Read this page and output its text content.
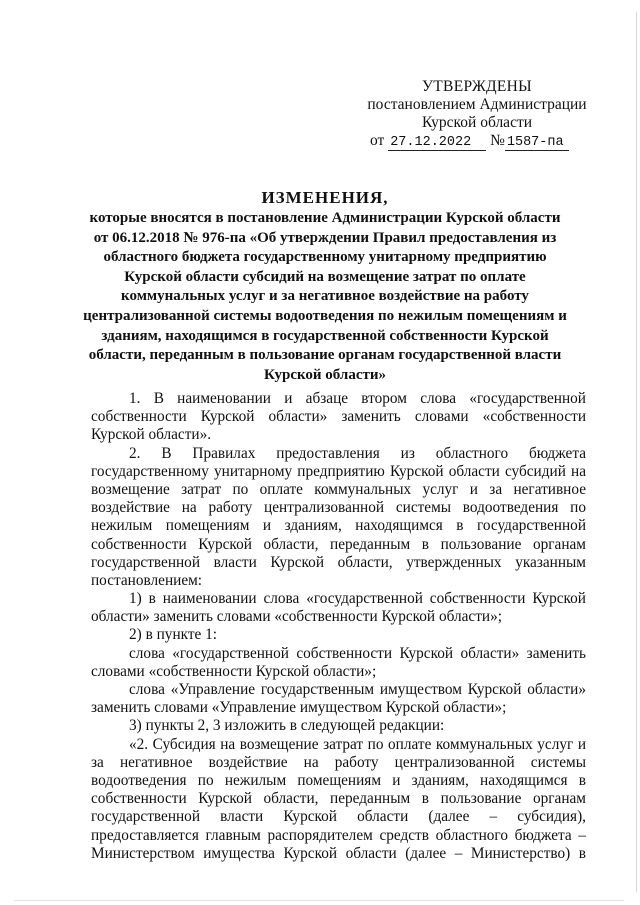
УТВЕРЖДЕНЫ
постановлением Администрации
Курской области
от 27.12.2022 № 1587-па
ИЗМЕНЕНИЯ,
которые вносятся в постановление Администрации Курской области
от 06.12.2018 № 976-па «Об утверждении Правил предоставления из
областного бюджета государственному унитарному предприятию
Курской области субсидий на возмещение затрат по оплате
коммунальных услуг и за негативное воздействие на работу
централизованной системы водоотведения по нежилым помещениям и
зданиям, находящимся в государственной собственности Курской
области, переданным в пользование органам государственной власти
Курской области»
1. В наименовании и абзаце втором слова «государственной
собственности Курской области» заменить словами «собственности
Курской области».
2. В Правилах предоставления из областного бюджета
государственному унитарному предприятию Курской области субсидий на
возмещение затрат по оплате коммунальных услуг и за негативное
воздействие на работу централизованной системы водоотведения по
нежилым помещениям и зданиям, находящимся в государственной
собственности Курской области, переданным в пользование органам
государственной власти Курской области, утвержденных указанным
постановлением:
1) в наименовании слова «государственной собственности Курской
области» заменить словами «собственности Курской области»;
2) в пункте 1:
слова «государственной собственности Курской области» заменить
словами «собственности Курской области»;
слова «Управление государственным имуществом Курской области»
заменить словами «Управление имуществом Курской области»;
3) пункты 2, 3 изложить в следующей редакции:
«2. Субсидия на возмещение затрат по оплате коммунальных услуг и
за негативное воздействие на работу централизованной системы
водоотведения по нежилым помещениям и зданиям, находящимся в
собственности Курской области, переданным в пользование органам
государственной власти Курской области (далее – субсидия),
предоставляется главным распорядителем средств областного бюджета –
Министерством имущества Курской области (далее – Министерство) в
